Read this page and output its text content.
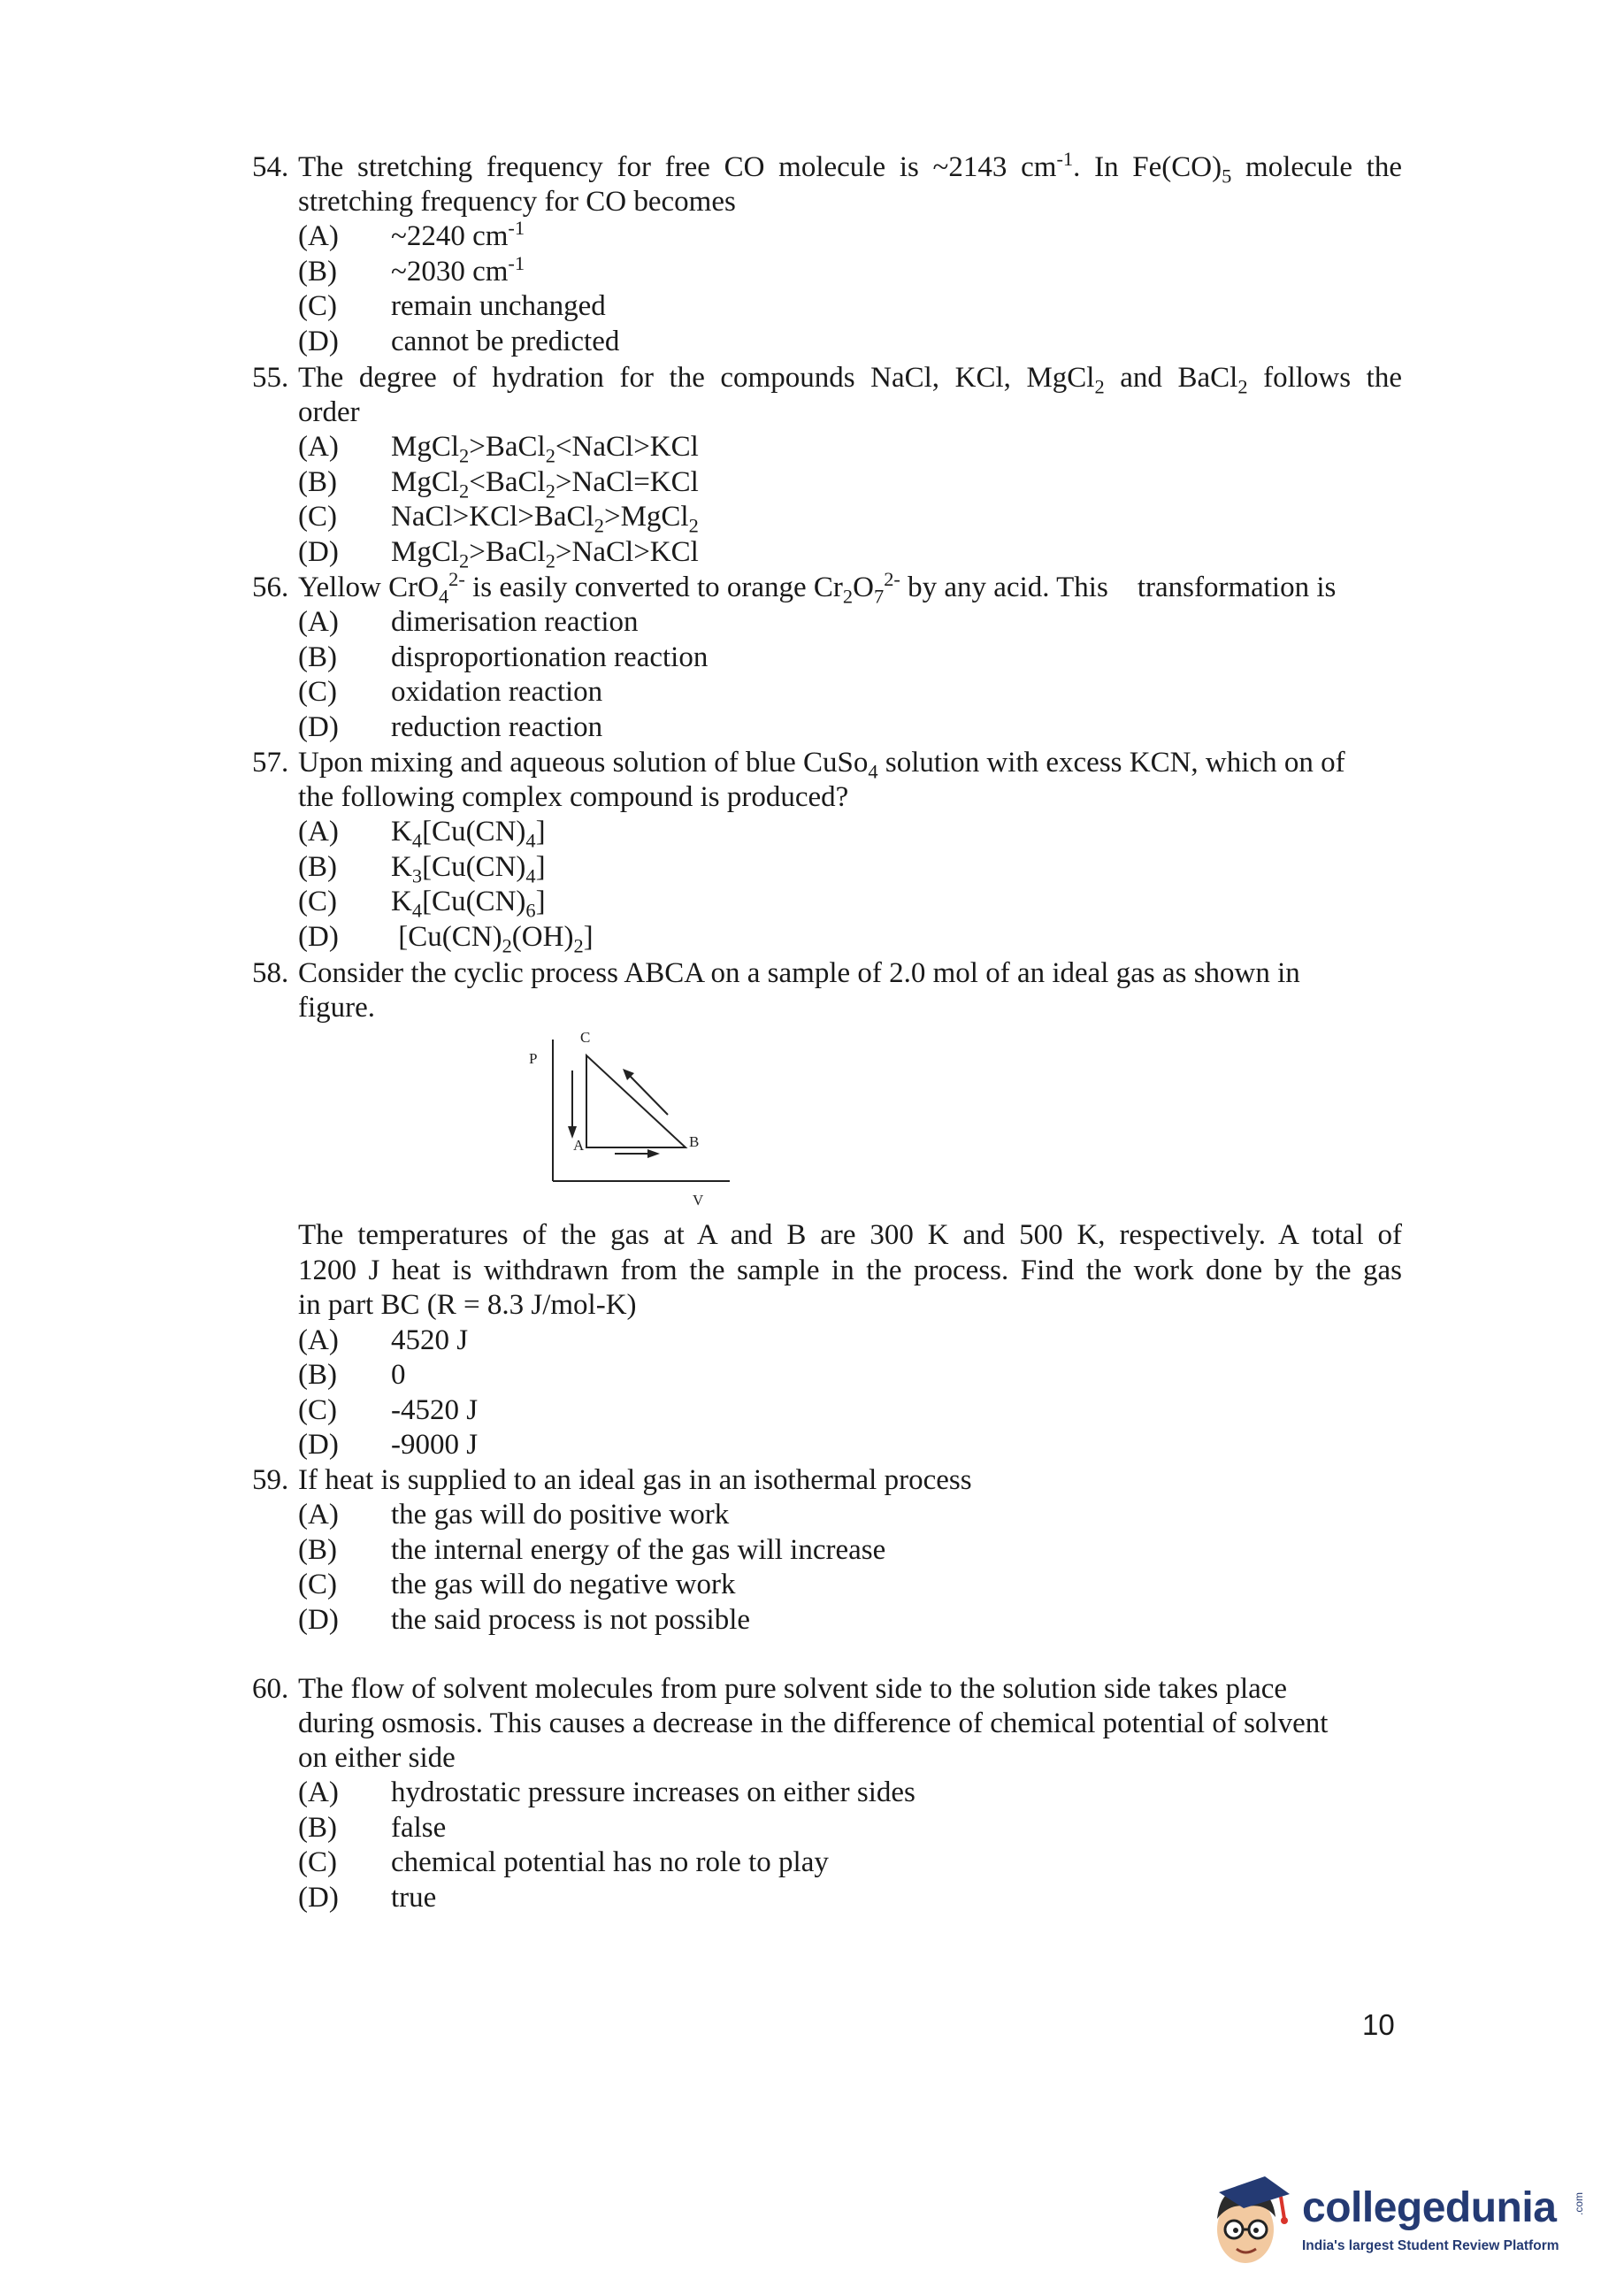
54. The stretching frequency for free CO molecule is ~2143 $cm^{-1}$. In $Fe(CO)_5$ molecule the
stretching frequency for CO becomes
(A) ~2240 $cm^{-1}$
(B) ~2030 $cm^{-1}$
(C) remain unchanged
(D) cannot be predicted
55. The degree of hydration for the compounds NaCl, KCl, MgCl$_2$ and BaCl$_2$ follows the
order
(A) MgCl$_2$>BaCl$_2$<NaCl>KCl
(B) MgCl$_2$<BaCl$_2$>NaCl=KCl
(C) NaCl>KCl>BaCl$_2$>MgCl$_2$
(D) MgCl$_2$>BaCl$_2$>NaCl>KCl
56. Yellow CrO$_4^{2-}$ is easily converted to orange $Cr_2O_7^{2-}$ by any acid. This    transformation is
(A) dimerisation reaction
(B) disproportionation reaction
(C) oxidation reaction
(D) reduction reaction
57. Upon mixing and aqueous solution of blue CuSo$_4$ solution with excess KCN, which on of
the following complex compound is produced?
(A) $K_4[Cu(CN)_4]$
(B) $K_3[Cu(CN)_4]$
(C) $K_4[Cu(CN)_6]$
(D) $[Cu(CN)_2(OH)_2]$
58. Consider the cyclic process ABCA on a sample of 2.0 mol of an ideal gas as shown in
figure.
C
P
A	B
V
The temperatures of the gas at A and B are 300 K and 500 K, respectively. A total of
1200 J heat is withdrawn from the sample in the process. Find the work done by the gas
in part BC (R = 8.3 J/mol-K)
(A) 4520 J
(B) 0
(C) -4520 J
(D) -9000 J
59. If heat is supplied to an ideal gas in an isothermal process
(A) the gas will do positive work
(B) the internal energy of the gas will increase
(C) the gas will do negative work
(D) the said process is not possible
60. The flow of solvent molecules from pure solvent side to the solution side takes place
during osmosis. This causes a decrease in the difference of chemical potential of solvent
on either side
(A) hydrostatic pressure increases on either sides
(B) false
(C) chemical potential has no role to play
(D) true
10
collegedunia .com
India's largest Student Review Platform
